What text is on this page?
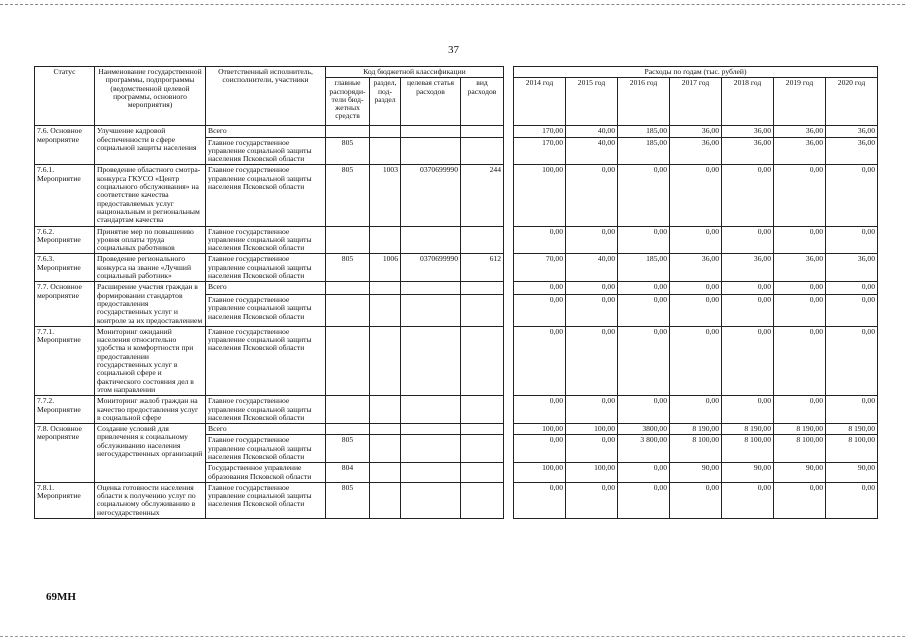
37
Статус	Наименование государственной программы, подпрограммы (ведомственной целевой программы, основного мероприятия)	Ответственный исполнитель, соисполнители, участники	Код бюджетной классификации					Расходы по годам (тыс. рублей)						
			главные распоряди-тели бюд-жетных средств	раздел, под-раздел	целевая статья расходов	вид расходов		2014 год	2015 год	2016 год	2017 год	2018 год	2019 год	2020 год
7.6. Основное мероприятие	Улучшение кадровой обеспеченности в сфере социальной защиты населения	Всего						170,00	40,00	185,00	36,00	36,00	36,00	36,00
		Главное государственное управление социальной защиты населения Псковской области	805					170,00	40,00	185,00	36,00	36,00	36,00	36,00
7.6.1. Мероприятие	Проведение областного смотра-конкурса ГКУСО «Центр социального обслуживания» на соответствие качества предоставляемых услуг национальным и региональным стандартам качества	Главное государственное управление социальной защиты населения Псковской области	805	1003	0370699990	244		100,00	0,00	0,00	0,00	0,00	0,00	0,00
7.6.2. Мероприятие	Принятие мер по повышению уровня оплаты труда социальных работников	Главное государственное управление социальной защиты населения Псковской области						0,00	0,00	0,00	0,00	0,00	0,00	0,00
7.6.3. Мероприятие	Проведение регионального конкурса на звание «Лучший социальный работник»	Главное государственное управление социальной защиты населения Псковской области	805	1006	0370699990	612		70,00	40,00	185,00	36,00	36,00	36,00	36,00
7.7. Основное мероприятие	Расширение участия граждан в формировании стандартов предоставления государственных услуг и контроле за их предоставлением	Всего						0,00	0,00	0,00	0,00	0,00	0,00	0,00
		Главное государственное управление социальной защиты населения Псковской области						0,00	0,00	0,00	0,00	0,00	0,00	0,00
7.7.1. Мероприятие	Мониторинг ожиданий населения относительно удобства и комфортности при предоставлении государственных услуг в социальной сфере и фактического состояния дел в этом направлении	Главное государственное управление социальной защиты населения Псковской области						0,00	0,00	0,00	0,00	0,00	0,00	0,00
7.7.2. Мероприятие	Мониторинг жалоб граждан на качество предоставления услуг в социальной сфере	Главное государственное управление социальной защиты населения Псковской области						0,00	0,00	0,00	0,00	0,00	0,00	0,00
7.8. Основное мероприятие	Создание условий для привлечения к социальному обслуживанию населения негосударственных организаций	Всего						100,00	100,00	3800,00	8 190,00	8 190,00	8 190,00	8 190,00
		Главное государственное управление социальной защиты населения Псковской области	805					0,00	0,00	3 800,00	8 100,00	8 100,00	8 100,00	8 100,00
		Государственное управление образования Псковской области	804					100,00	100,00	0,00	90,00	90,00	90,00	90,00
7.8.1. Мероприятие	Оценка готовности населения области к получению услуг по социальному обслуживанию в негосударственных	Главное государственное управление социальной защиты населения Псковской области	805					0,00	0,00	0,00	0,00	0,00	0,00	0,00
69МН
